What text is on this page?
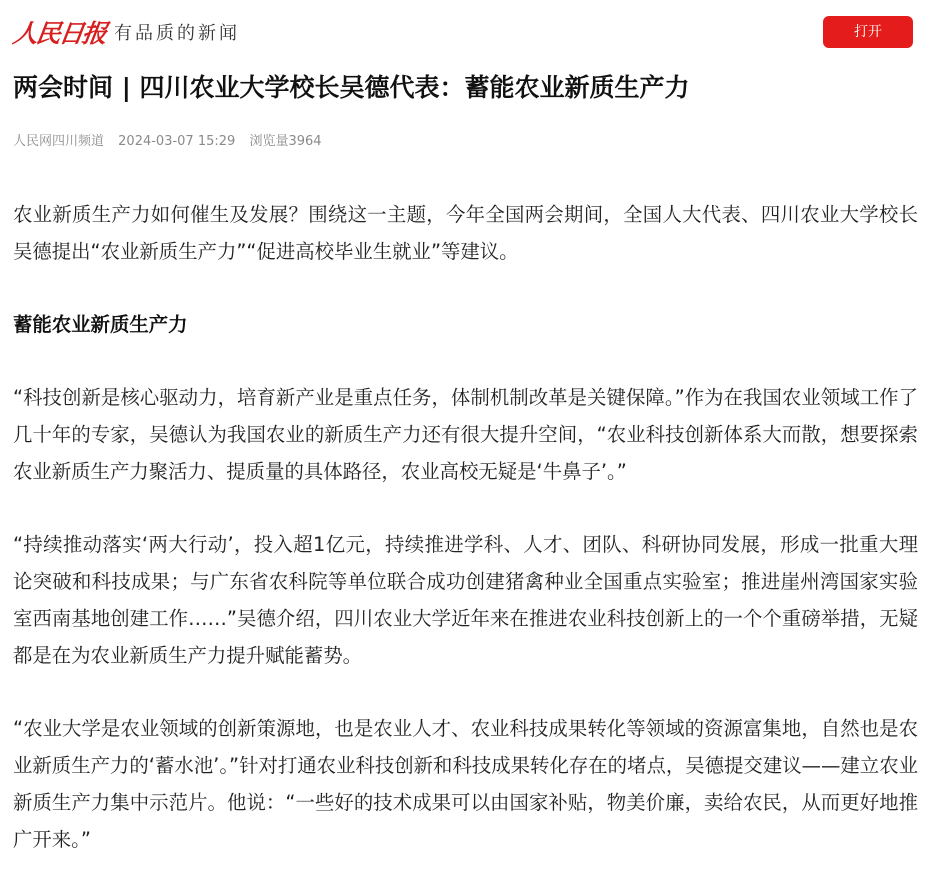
人民日报 有品质的新闻	打开
两会时间 | 四川农业大学校长吴德代表：蓄能农业新质生产力
人民网四川频道 2024-03-07 15:29 浏览量3964

农业新质生产力如何催生及发展？围绕这一主题，今年全国两会期间，全国人大代表、四川农业大学校长吴德提出“农业新质生产力”“促进高校毕业生就业”等建议。

蓄能农业新质生产力

“科技创新是核心驱动力，培育新产业是重点任务，体制机制改革是关键保障。”作为在我国农业领域工作了几十年的专家，吴德认为我国农业的新质生产力还有很大提升空间，“农业科技创新体系大而散，想要探索农业新质生产力聚活力、提质量的具体路径，农业高校无疑是‘牛鼻子’。”

“持续推动落实‘两大行动’，投入超1亿元，持续推进学科、人才、团队、科研协同发展，形成一批重大理论突破和科技成果；与广东省农科院等单位联合成功创建猪禽种业全国重点实验室；推进崖州湾国家实验室西南基地创建工作……”吴德介绍，四川农业大学近年来在推进农业科技创新上的一个个重磅举措，无疑都是在为农业新质生产力提升赋能蓄势。

“农业大学是农业领域的创新策源地，也是农业人才、农业科技成果转化等领域的资源富集地，自然也是农业新质生产力的‘蓄水池’。”针对打通农业科技创新和科技成果转化存在的堵点，吴德提交建议——建立农业新质生产力集中示范片。他说：“一些好的技术成果可以由国家补贴，物美价廉，卖给农民，从而更好地推广开来。”
